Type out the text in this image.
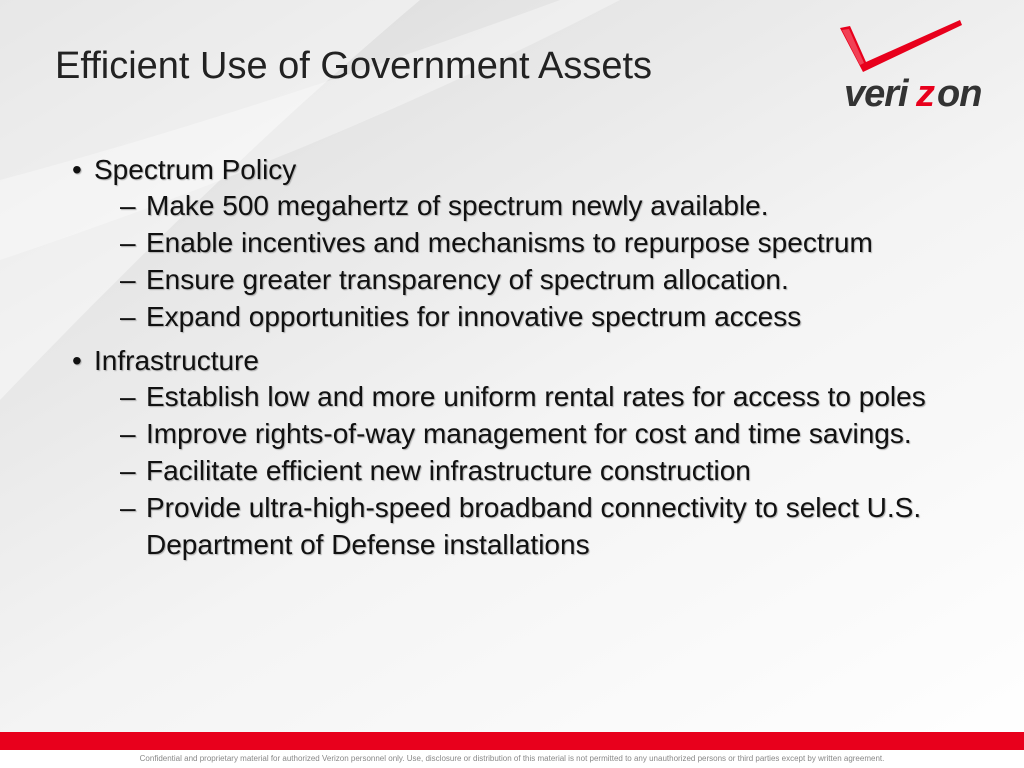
Efficient Use of Government Assets
veri z on
• Spectrum Policy
– Make 500 megahertz of spectrum newly available.
– Enable incentives and mechanisms to repurpose spectrum
– Ensure greater transparency of spectrum allocation.
– Expand opportunities for innovative spectrum access
• Infrastructure
– Establish low and more uniform rental rates for access to poles
– Improve rights-of-way management for cost and time savings.
– Facilitate efficient new infrastructure construction
– Provide ultra-high-speed broadband connectivity to select U.S. Department of Defense installations
Confidential and proprietary material for authorized Verizon personnel only. Use, disclosure or distribution of this material is not permitted to any unauthorized persons or third parties except by written agreement.
